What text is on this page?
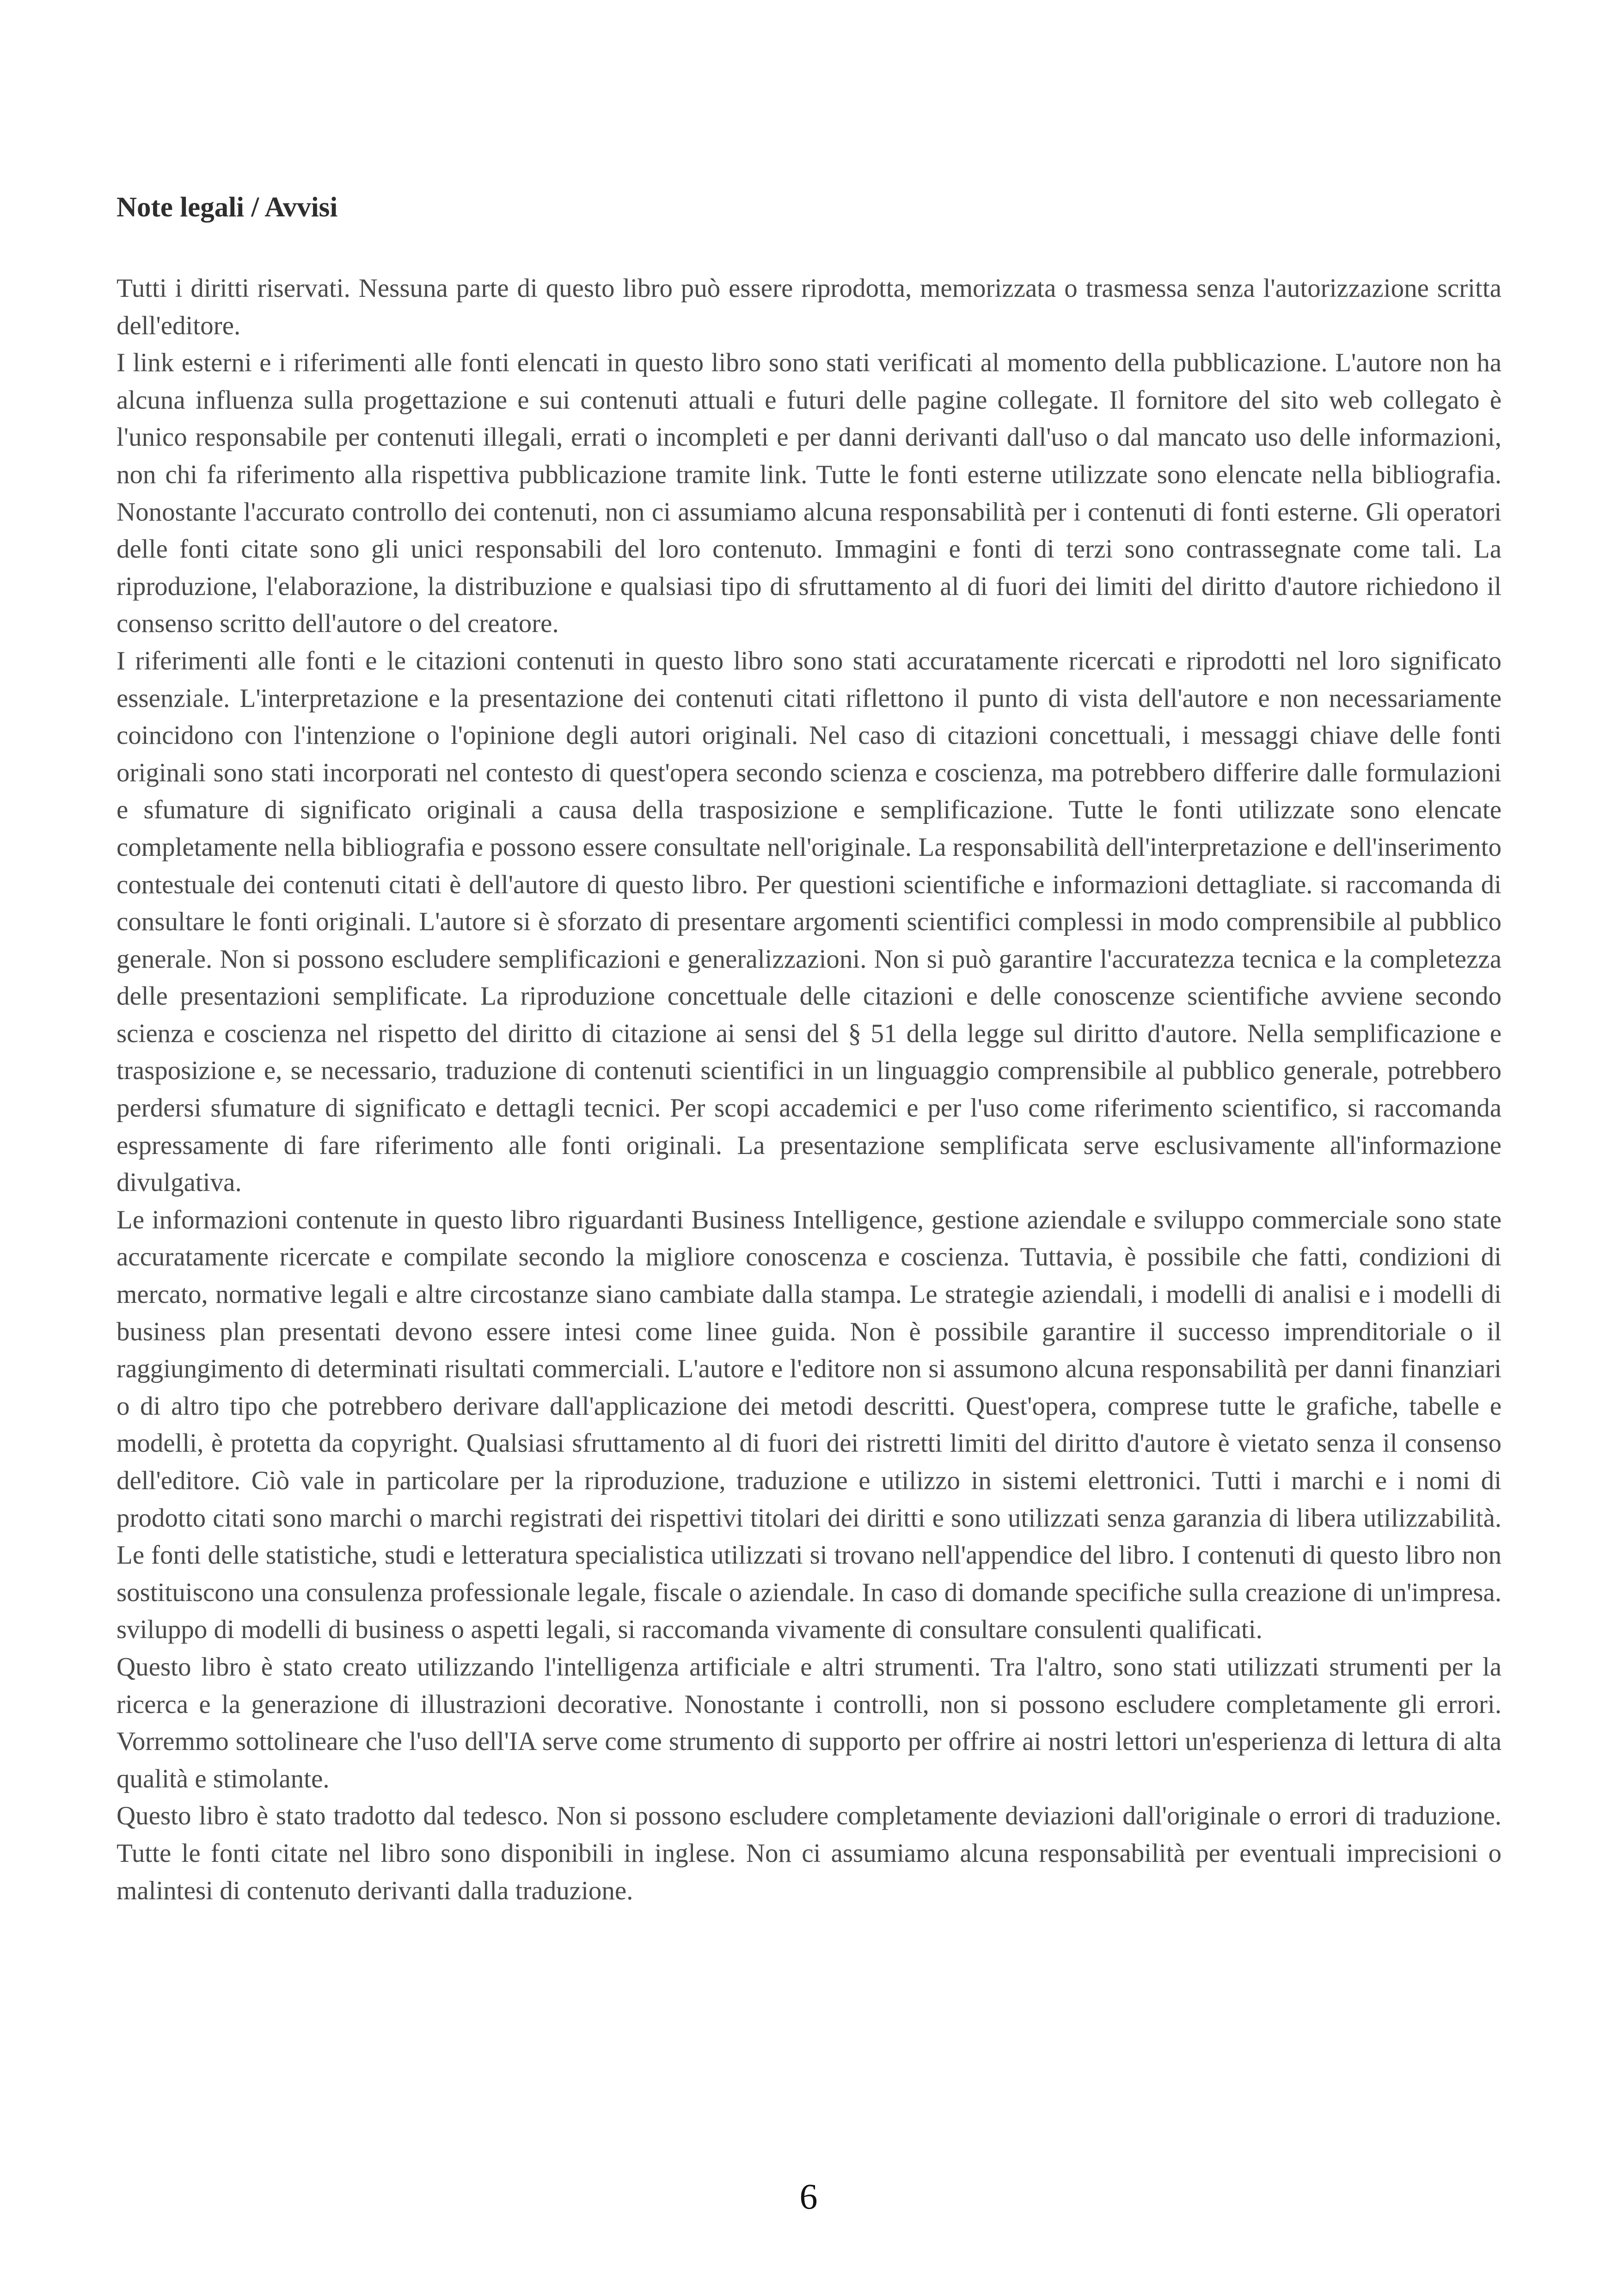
Note legali / Avvisi

Tutti i diritti riservati. Nessuna parte di questo libro può essere riprodotta, memorizzata o trasmessa senza l'autorizzazione scritta dell'editore.

I link esterni e i riferimenti alle fonti elencati in questo libro sono stati verificati al momento della pubblicazione. L'autore non ha alcuna influenza sulla progettazione e sui contenuti attuali e futuri delle pagine collegate. Il fornitore del sito web collegato è l'unico responsabile per contenuti illegali, errati o incompleti e per danni derivanti dall'uso o dal mancato uso delle informazioni, non chi fa riferimento alla rispettiva pubblicazione tramite link. Tutte le fonti esterne utilizzate sono elencate nella bibliografia. Nonostante l'accurato controllo dei contenuti, non ci assumiamo alcuna responsabilità per i contenuti di fonti esterne. Gli operatori delle fonti citate sono gli unici responsabili del loro contenuto. Immagini e fonti di terzi sono contrassegnate come tali. La riproduzione, l'elaborazione, la distribuzione e qualsiasi tipo di sfruttamento al di fuori dei limiti del diritto d'autore richiedono il consenso scritto dell'autore o del creatore.

I riferimenti alle fonti e le citazioni contenuti in questo libro sono stati accuratamente ricercati e riprodotti nel loro significato essenziale. L'interpretazione e la presentazione dei contenuti citati riflettono il punto di vista dell'autore e non necessariamente coincidono con l'intenzione o l'opinione degli autori originali. Nel caso di citazioni concettuali, i messaggi chiave delle fonti originali sono stati incorporati nel contesto di quest'opera secondo scienza e coscienza, ma potrebbero differire dalle formulazioni e sfumature di significato originali a causa della trasposizione e semplificazione. Tutte le fonti utilizzate sono elencate completamente nella bibliografia e possono essere consultate nell'originale. La responsabilità dell'interpretazione e dell'inserimento contestuale dei contenuti citati è dell'autore di questo libro. Per questioni scientifiche e informazioni dettagliate. si raccomanda di consultare le fonti originali. L'autore si è sforzato di presentare argomenti scientifici complessi in modo comprensibile al pubblico generale. Non si possono escludere semplificazioni e generalizzazioni. Non si può garantire l'accuratezza tecnica e la completezza delle presentazioni semplificate. La riproduzione concettuale delle citazioni e delle conoscenze scientifiche avviene secondo scienza e coscienza nel rispetto del diritto di citazione ai sensi del § 51 della legge sul diritto d'autore. Nella semplificazione e trasposizione e, se necessario, traduzione di contenuti scientifici in un linguaggio comprensibile al pubblico generale, potrebbero perdersi sfumature di significato e dettagli tecnici. Per scopi accademici e per l'uso come riferimento scientifico, si raccomanda espressamente di fare riferimento alle fonti originali. La presentazione semplificata serve esclusivamente all'informazione divulgativa.

Le informazioni contenute in questo libro riguardanti Business Intelligence, gestione aziendale e sviluppo commerciale sono state accuratamente ricercate e compilate secondo la migliore conoscenza e coscienza. Tuttavia, è possibile che fatti, condizioni di mercato, normative legali e altre circostanze siano cambiate dalla stampa. Le strategie aziendali, i modelli di analisi e i modelli di business plan presentati devono essere intesi come linee guida. Non è possibile garantire il successo imprenditoriale o il raggiungimento di determinati risultati commerciali. L'autore e l'editore non si assumono alcuna responsabilità per danni finanziari o di altro tipo che potrebbero derivare dall'applicazione dei metodi descritti. Quest'opera, comprese tutte le grafiche, tabelle e modelli, è protetta da copyright. Qualsiasi sfruttamento al di fuori dei ristretti limiti del diritto d'autore è vietato senza il consenso dell'editore. Ciò vale in particolare per la riproduzione, traduzione e utilizzo in sistemi elettronici. Tutti i marchi e i nomi di prodotto citati sono marchi o marchi registrati dei rispettivi titolari dei diritti e sono utilizzati senza garanzia di libera utilizzabilità. Le fonti delle statistiche, studi e letteratura specialistica utilizzati si trovano nell'appendice del libro. I contenuti di questo libro non sostituiscono una consulenza professionale legale, fiscale o aziendale. In caso di domande specifiche sulla creazione di un'impresa. sviluppo di modelli di business o aspetti legali, si raccomanda vivamente di consultare consulenti qualificati.

Questo libro è stato creato utilizzando l'intelligenza artificiale e altri strumenti. Tra l'altro, sono stati utilizzati strumenti per la ricerca e la generazione di illustrazioni decorative. Nonostante i controlli, non si possono escludere completamente gli errori. Vorremmo sottolineare che l'uso dell'IA serve come strumento di supporto per offrire ai nostri lettori un'esperienza di lettura di alta qualità e stimolante.

Questo libro è stato tradotto dal tedesco. Non si possono escludere completamente deviazioni dall'originale o errori di traduzione. Tutte le fonti citate nel libro sono disponibili in inglese. Non ci assumiamo alcuna responsabilità per eventuali imprecisioni o malintesi di contenuto derivanti dalla traduzione.

6
